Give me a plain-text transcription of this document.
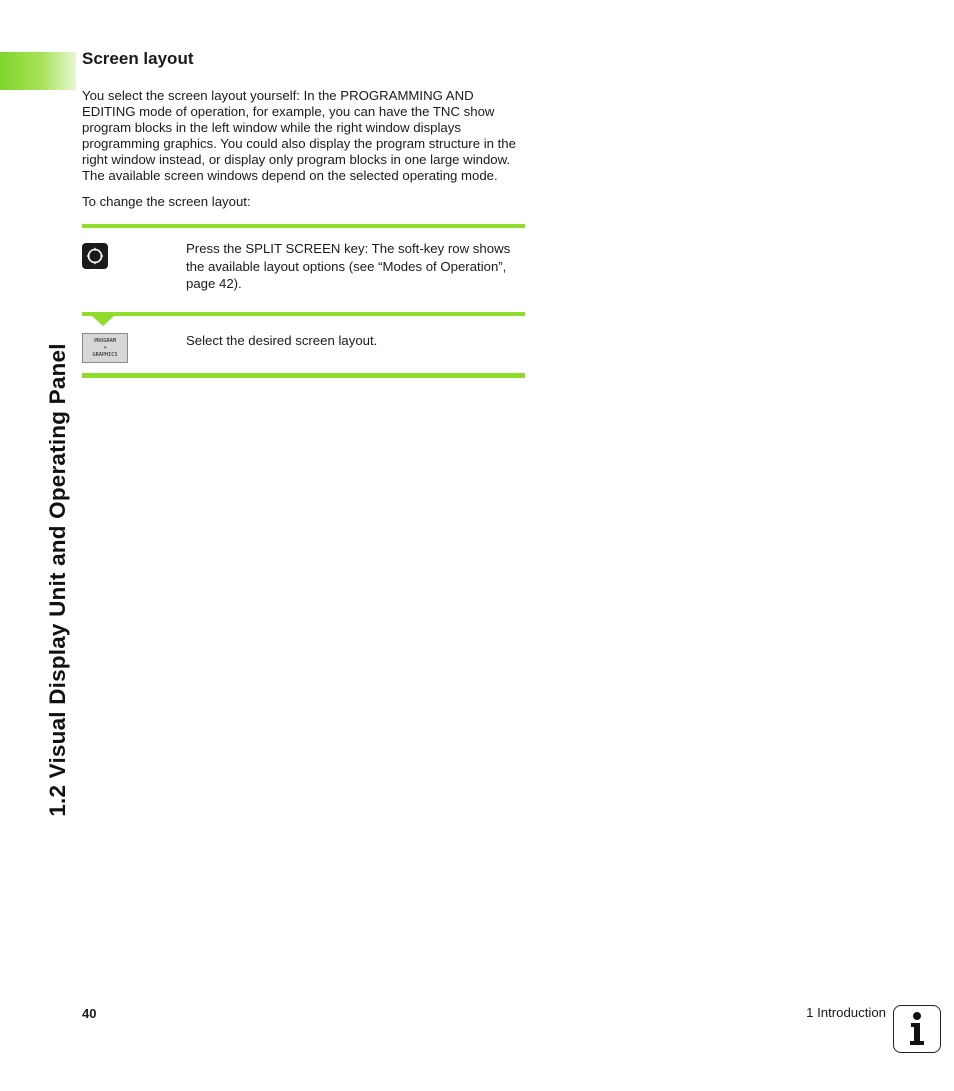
1.2 Visual Display Unit and Operating Panel
Screen layout

You select the screen layout yourself: In the PROGRAMMING AND EDITING mode of operation, for example, you can have the TNC show program blocks in the left window while the right window displays programming graphics. You could also display the program structure in the right window instead, or display only program blocks in one large window. The available screen windows depend on the selected operating mode.

To change the screen layout:

Press the SPLIT SCREEN key: The soft-key row shows the available layout options (see “Modes of Operation”, page 42).
PROGRAM
+
GRAPHICS
Select the desired screen layout.
40	1 Introduction
